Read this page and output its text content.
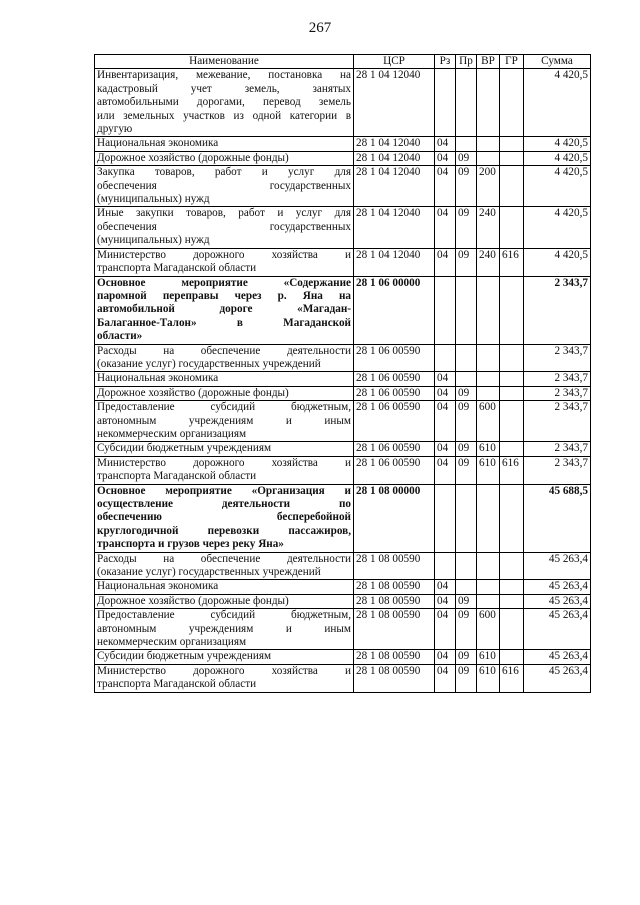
267
Наименование	ЦСР	Рз	Пр	ВР	ГР	Сумма

Инвентаризация, межевание, постановка на
кадастровый учет земель, занятых
автомобильными дорогами, перевод земель
или земельных участков из одной категории в
другую	28 1 04 12040					4 420,5

Национальная экономика	28 1 04 12040	04				4 420,5

Дорожное хозяйство (дорожные фонды)	28 1 04 12040	04	09			4 420,5

Закупка товаров, работ и услуг для
обеспечения государственных
(муниципальных) нужд	28 1 04 12040	04	09	200		4 420,5

Иные закупки товаров, работ и услуг для
обеспечения государственных
(муниципальных) нужд	28 1 04 12040	04	09	240		4 420,5

Министерство дорожного хозяйства и
транспорта Магаданской области	28 1 04 12040	04	09	240	616	4 420,5

Основное мероприятие «Содержание
паромной переправы через р. Яна на
автомобильной дороге «Магадан-
Балаганное-Талон» в Магаданской
области»	28 1 06 00000					2 343,7

Расходы на обеспечение деятельности
(оказание услуг) государственных учреждений	28 1 06 00590					2 343,7

Национальная экономика	28 1 06 00590	04				2 343,7

Дорожное хозяйство (дорожные фонды)	28 1 06 00590	04	09			2 343,7

Предоставление субсидий бюджетным,
автономным учреждениям и иным
некоммерческим организациям	28 1 06 00590	04	09	600		2 343,7

Субсидии бюджетным учреждениям	28 1 06 00590	04	09	610		2 343,7

Министерство дорожного хозяйства и
транспорта Магаданской области	28 1 06 00590	04	09	610	616	2 343,7

Основное мероприятие «Организация и
осуществление деятельности по
обеспечению бесперебойной
круглогодичной перевозки пассажиров,
транспорта и грузов через реку Яна»	28 1 08 00000					45 688,5

Расходы на обеспечение деятельности
(оказание услуг) государственных учреждений	28 1 08 00590					45 263,4

Национальная экономика	28 1 08 00590	04				45 263,4

Дорожное хозяйство (дорожные фонды)	28 1 08 00590	04	09			45 263,4

Предоставление субсидий бюджетным,
автономным учреждениям и иным
некоммерческим организациям	28 1 08 00590	04	09	600		45 263,4

Субсидии бюджетным учреждениям	28 1 08 00590	04	09	610		45 263,4

Министерство дорожного хозяйства и
транспорта Магаданской области	28 1 08 00590	04	09	610	616	45 263,4
